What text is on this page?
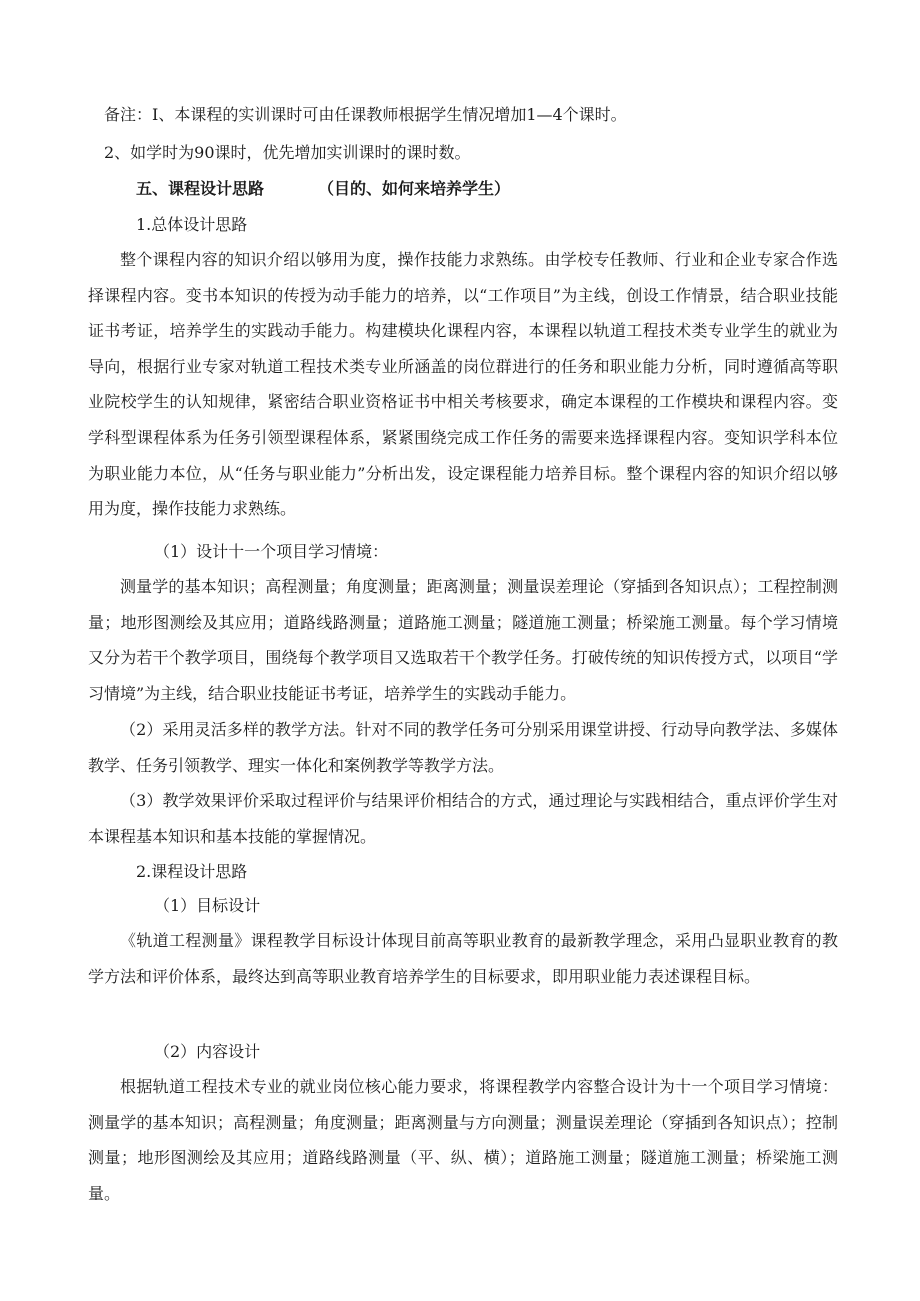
备注：I、本课程的实训课时可由任课教师根据学生情况增加1—4个课时。
2、如学时为90课时，优先增加实训课时的课时数。
五、课程设计思路	（目的、如何来培养学生）
1.总体设计思路
整个课程内容的知识介绍以够用为度，操作技能力求熟练。由学校专任教师、行业和企业专家合作选择课程内容。变书本知识的传授为动手能力的培养，以“工作项目”为主线，创设工作情景，结合职业技能证书考证，培养学生的实践动手能力。构建模块化课程内容，本课程以轨道工程技术类专业学生的就业为导向，根据行业专家对轨道工程技术类专业所涵盖的岗位群进行的任务和职业能力分析，同时遵循高等职业院校学生的认知规律，紧密结合职业资格证书中相关考核要求，确定本课程的工作模块和课程内容。变学科型课程体系为任务引领型课程体系，紧紧围绕完成工作任务的需要来选择课程内容。变知识学科本位为职业能力本位，从“任务与职业能力”分析出发，设定课程能力培养目标。整个课程内容的知识介绍以够用为度，操作技能力求熟练。
（1）设计十一个项目学习情境：
测量学的基本知识；高程测量；角度测量；距离测量；测量误差理论（穿插到各知识点）；工程控制测量；地形图测绘及其应用；道路线路测量；道路施工测量；隧道施工测量；桥梁施工测量。每个学习情境又分为若干个教学项目，围绕每个教学项目又选取若干个教学任务。打破传统的知识传授方式，以项目“学习情境”为主线，结合职业技能证书考证，培养学生的实践动手能力。
（2）采用灵活多样的教学方法。针对不同的教学任务可分别采用课堂讲授、行动导向教学法、多媒体教学、任务引领教学、理实一体化和案例教学等教学方法。
（3）教学效果评价采取过程评价与结果评价相结合的方式，通过理论与实践相结合，重点评价学生对本课程基本知识和基本技能的掌握情况。
2.课程设计思路
（1）目标设计
《轨道工程测量》课程教学目标设计体现目前高等职业教育的最新教学理念，采用凸显职业教育的教学方法和评价体系，最终达到高等职业教育培养学生的目标要求，即用职业能力表述课程目标。
（2）内容设计
根据轨道工程技术专业的就业岗位核心能力要求，将课程教学内容整合设计为十一个项目学习情境：测量学的基本知识；高程测量；角度测量；距离测量与方向测量；测量误差理论（穿插到各知识点）；控制测量；地形图测绘及其应用；道路线路测量（平、纵、横）；道路施工测量；隧道施工测量；桥梁施工测量。
